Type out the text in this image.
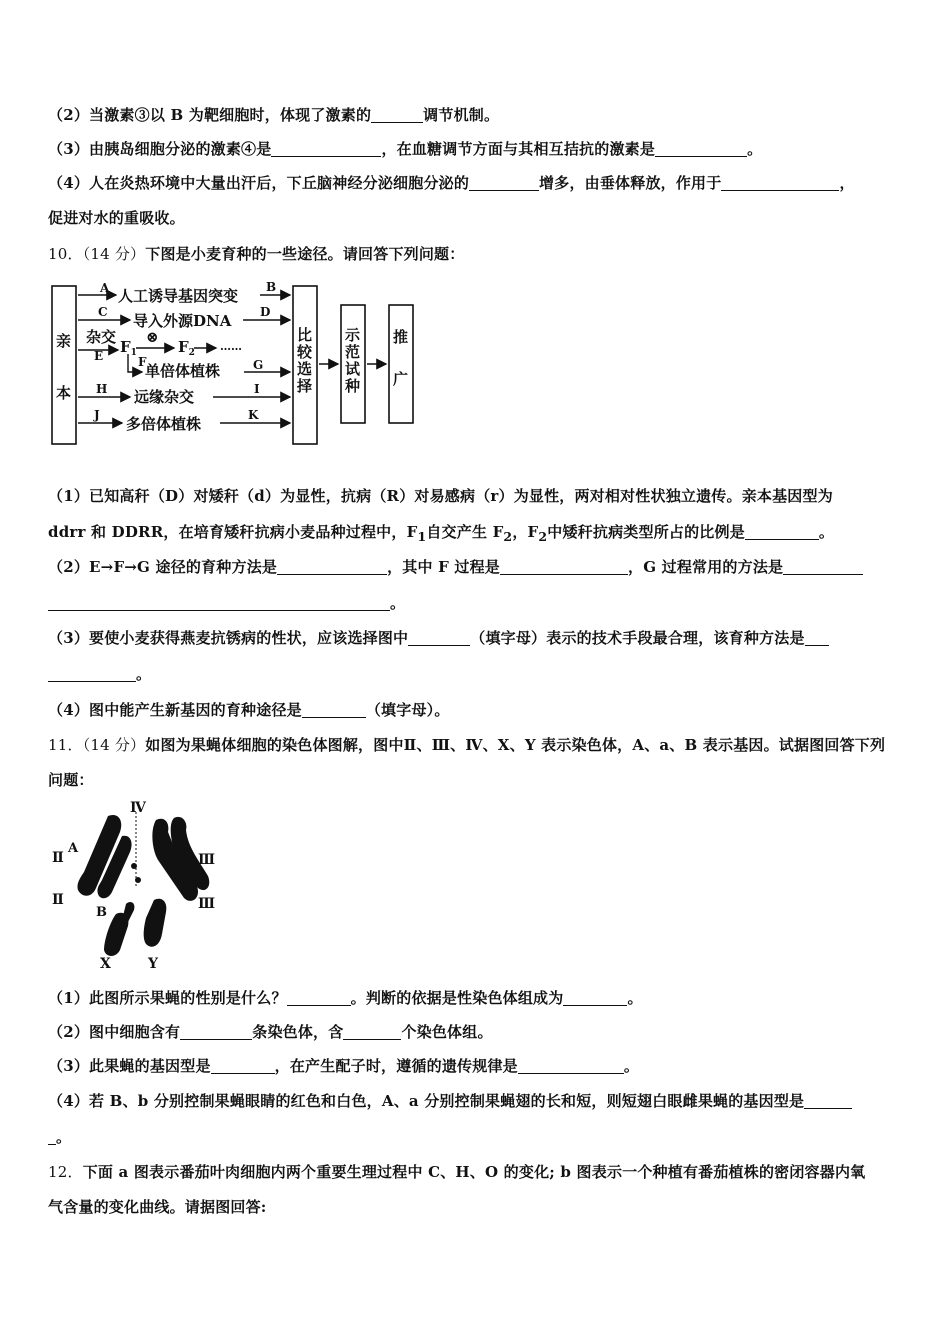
（2）当激素③以 B 为靶细胞时，体现了激素的	调节机制。
（3）由胰岛细胞分泌的激素④是	，在血糖调节方面与其相互拮抗的激素是	。
（4）人在炎热环境中大量出汗后，下丘脑神经分泌细胞分泌的	增多，由垂体释放，作用于	，
促进对水的重吸收。
10．（14 分）下图是小麦育种的一些途径。请回答下列问题：
亲
本
A 人工诱导基因突变 B
C 导入外源DNA D
杂交
E $F_1$
⊗
$F_2$ ……
F
单倍体植株	G
H 远缘杂交	I
J 多倍体植株	K
比
较
选
择
示
范
试
种
推
广
（1）已知高秆（D）对矮秆（d）为显性，抗病（R）对易感病（r）为显性，两对相对性状独立遗传。亲本基因型为
ddrr 和 DDRR，在培育矮秆抗病小麦品种过程中，$F_1$自交产生 $F_2$，$F_2$中矮秆抗病类型所占的比例是	。
（2）E→F→G 途径的育种方法是	，其中 F 过程是	，G 过程常用的方法是
。
（3）要使小麦获得燕麦抗锈病的性状，应该选择图中	（填字母）表示的技术手段最合理，该育种方法是
。
（4）图中能产生新基因的育种途径是	（填字母）。
11．（14 分）如图为果蝇体细胞的染色体图解，图中Ⅱ、Ⅲ、Ⅳ、X、Y 表示染色体，A、a、B 表示基因。试据图回答下列
问题：
Ⅳ
Ⅱ
Ⅱ
Ⅲ
Ⅲ
A
a
B
X	Y
（1）此图所示果蝇的性别是什么？	。判断的依据是性染色体组成为	。
（2）图中细胞含有	条染色体，含	个染色体组。
（3）此果蝇的基因型是	，在产生配子时，遵循的遗传规律是	。
（4）若 B、b 分别控制果蝇眼睛的红色和白色，A、a 分别控制果蝇翅的长和短，则短翅白眼雌果蝇的基因型是
。
12．下面 a 图表示番茄叶肉细胞内两个重要生理过程中 C、H、O 的变化; b 图表示一个种植有番茄植株的密闭容器内氧
气含量的变化曲线。请据图回答:
